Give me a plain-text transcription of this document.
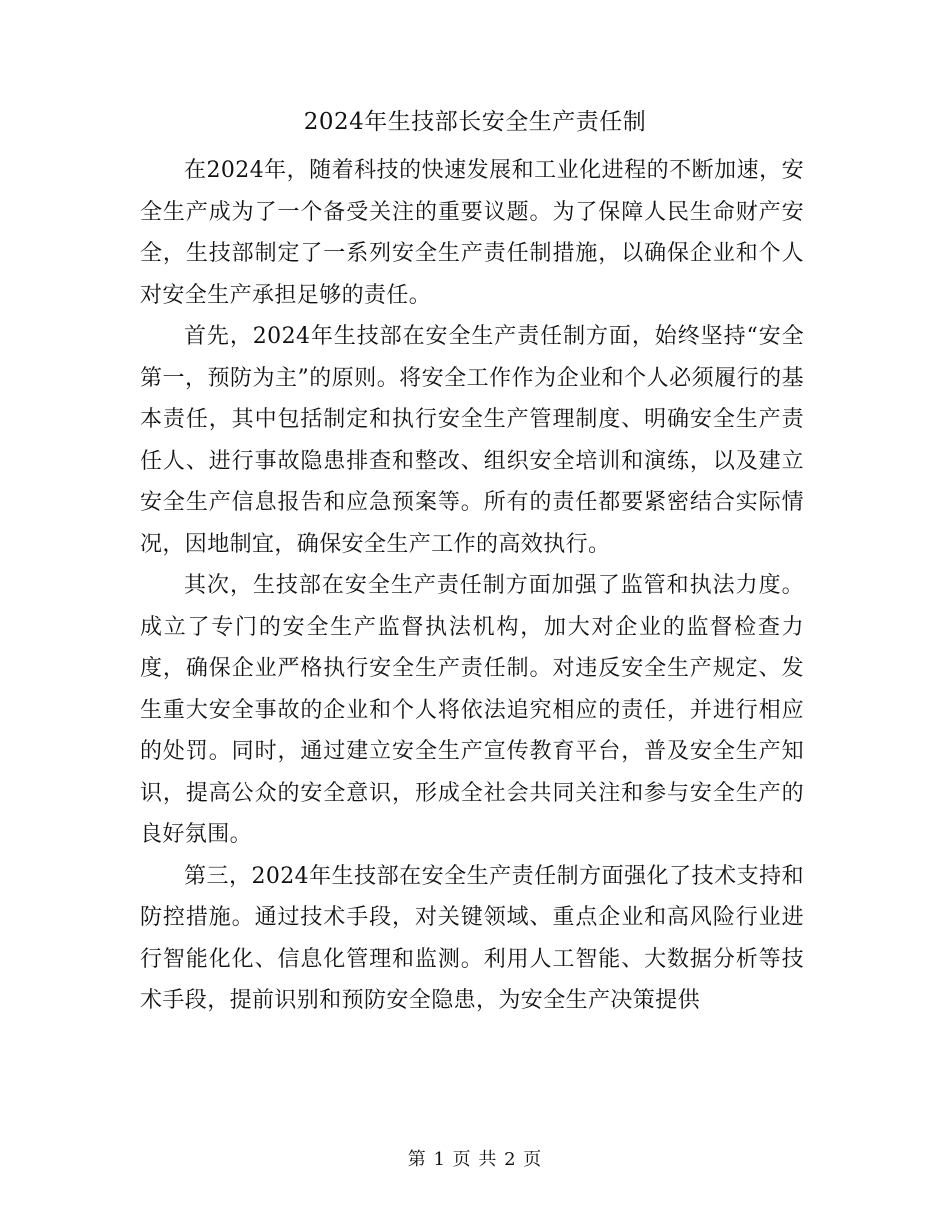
2024年生技部长安全生产责任制

在2024年，随着科技的快速发展和工业化进程的不断加速，安全生产成为了一个备受关注的重要议题。为了保障人民生命财产安全，生技部制定了一系列安全生产责任制措施，以确保企业和个人对安全生产承担足够的责任。

首先，2024年生技部在安全生产责任制方面，始终坚持“安全第一，预防为主”的原则。将安全工作作为企业和个人必须履行的基本责任，其中包括制定和执行安全生产管理制度、明确安全生产责任人、进行事故隐患排查和整改、组织安全培训和演练，以及建立安全生产信息报告和应急预案等。所有的责任都要紧密结合实际情况，因地制宜，确保安全生产工作的高效执行。

其次，生技部在安全生产责任制方面加强了监管和执法力度。成立了专门的安全生产监督执法机构，加大对企业的监督检查力度，确保企业严格执行安全生产责任制。对违反安全生产规定、发生重大安全事故的企业和个人将依法追究相应的责任，并进行相应的处罚。同时，通过建立安全生产宣传教育平台，普及安全生产知识，提高公众的安全意识，形成全社会共同关注和参与安全生产的良好氛围。

第三，2024年生技部在安全生产责任制方面强化了技术支持和防控措施。通过技术手段，对关键领域、重点企业和高风险行业进行智能化化、信息化管理和监测。利用人工智能、大数据分析等技术手段，提前识别和预防安全隐患，为安全生产决策提供

第 1 页 共 2 页
